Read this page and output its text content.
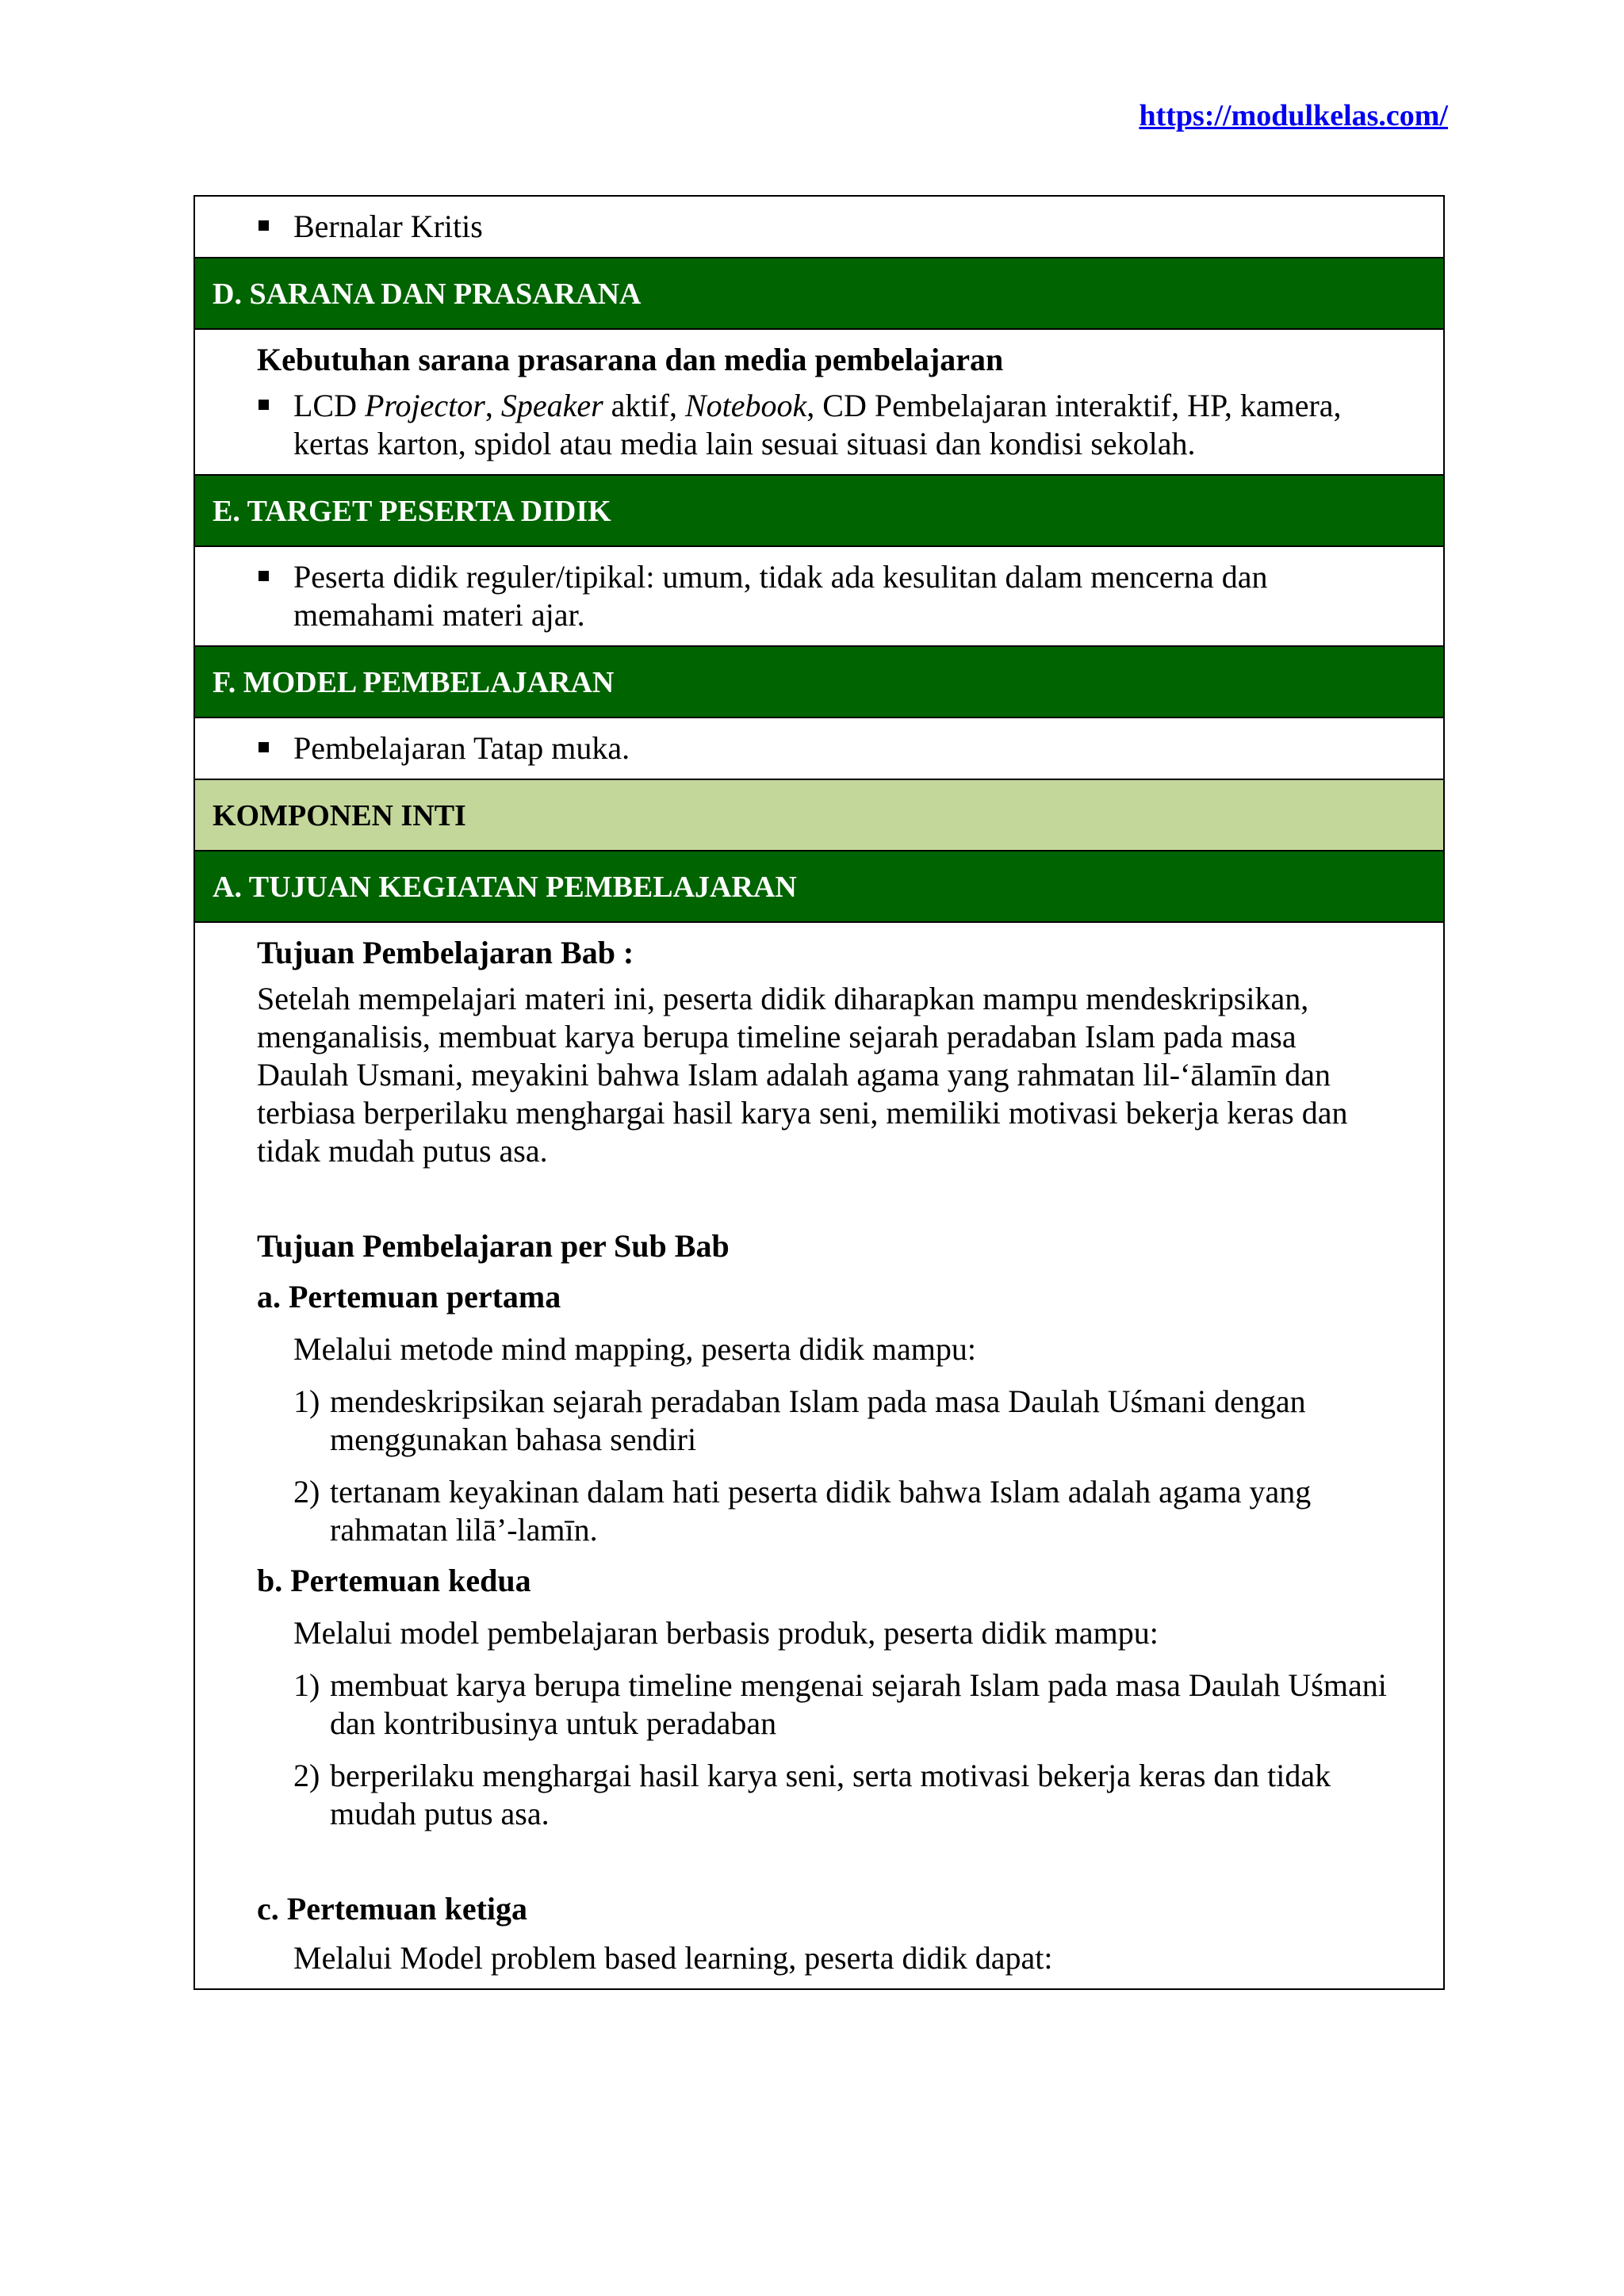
https://modulkelas.com/
Bernalar Kritis
D. SARANA DAN PRASARANA
Kebutuhan sarana prasarana dan media pembelajaran
LCD Projector, Speaker aktif, Notebook, CD Pembelajaran interaktif, HP, kamera, kertas karton, spidol atau media lain sesuai situasi dan kondisi sekolah.
E. TARGET PESERTA DIDIK
Peserta didik reguler/tipikal: umum, tidak ada kesulitan dalam mencerna dan memahami materi ajar.
F. MODEL PEMBELAJARAN
Pembelajaran Tatap muka.
KOMPONEN INTI
A. TUJUAN KEGIATAN PEMBELAJARAN
Tujuan Pembelajaran Bab :
Setelah mempelajari materi ini, peserta didik diharapkan mampu mendeskripsikan, menganalisis, membuat karya berupa timeline sejarah peradaban Islam pada masa Daulah Usmani, meyakini bahwa Islam adalah agama yang rahmatan lil-‘ālamīn dan terbiasa berperilaku menghargai hasil karya seni, memiliki motivasi bekerja keras dan tidak mudah putus asa.
Tujuan Pembelajaran per Sub Bab
a. Pertemuan pertama
Melalui metode mind mapping, peserta didik mampu:
1) mendeskripsikan sejarah peradaban Islam pada masa Daulah Uśmani dengan menggunakan bahasa sendiri
2) tertanam keyakinan dalam hati peserta didik bahwa Islam adalah agama yang rahmatan lilā’-lamīn.
b. Pertemuan kedua
Melalui model pembelajaran berbasis produk, peserta didik mampu:
1) membuat karya berupa timeline mengenai sejarah Islam pada masa Daulah Uśmani dan kontribusinya untuk peradaban
2) berperilaku menghargai hasil karya seni, serta motivasi bekerja keras dan tidak mudah putus asa.
c. Pertemuan ketiga
Melalui Model problem based learning, peserta didik dapat:
